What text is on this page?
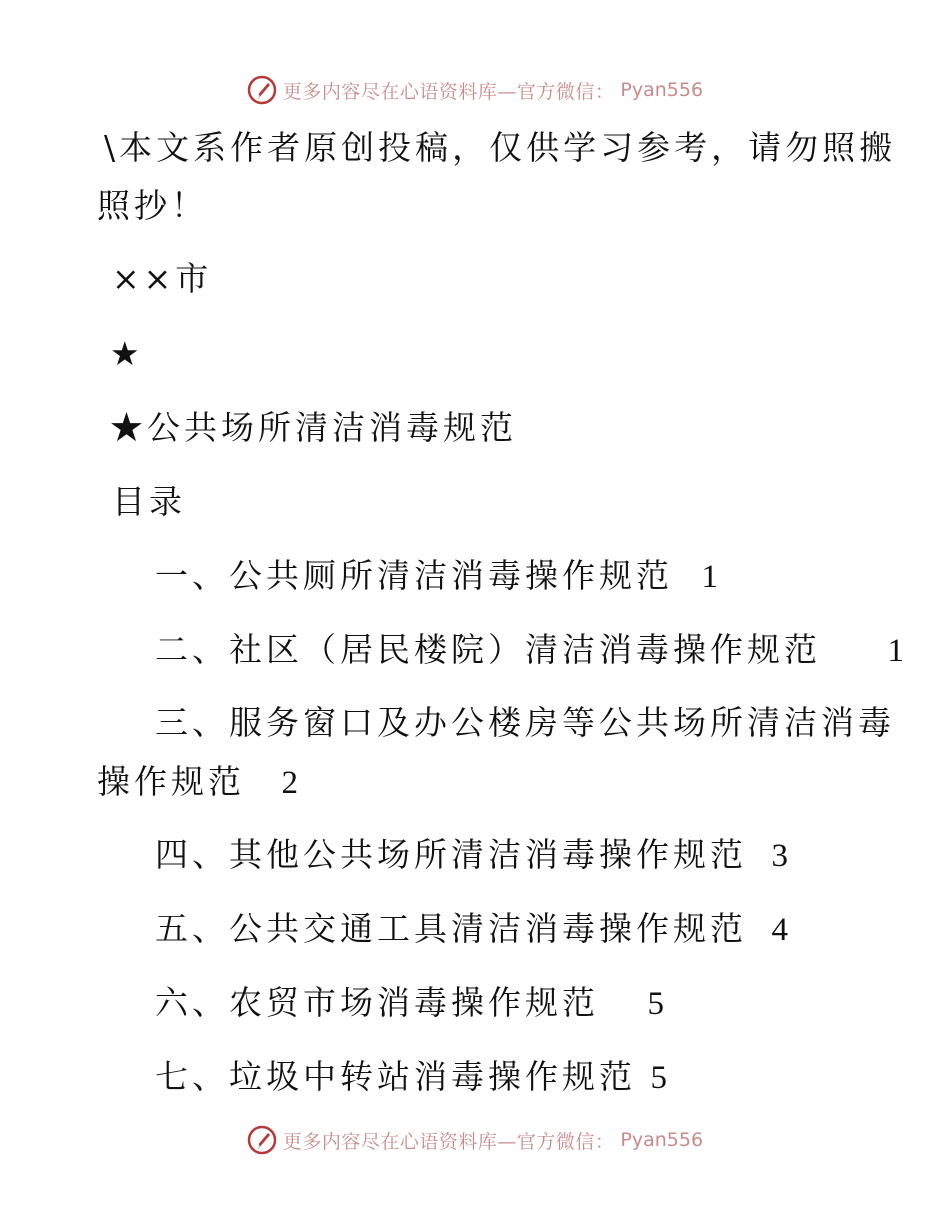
更多内容尽在心语资料库—官方微信： Pyan556
\本文系作者原创投稿，仅供学习参考，请勿照搬
照抄！
××市
★
★公共场所清洁消毒规范
目录
一、公共厕所清洁消毒操作规范 1
二、社区（居民楼院）清洁消毒操作规范 1
三、服务窗口及办公楼房等公共场所清洁消毒
操作规范 2
四、其他公共场所清洁消毒操作规范 3
五、公共交通工具清洁消毒操作规范 4
六、农贸市场消毒操作规范 5
七、垃圾中转站消毒操作规范 5
更多内容尽在心语资料库—官方微信： Pyan556
